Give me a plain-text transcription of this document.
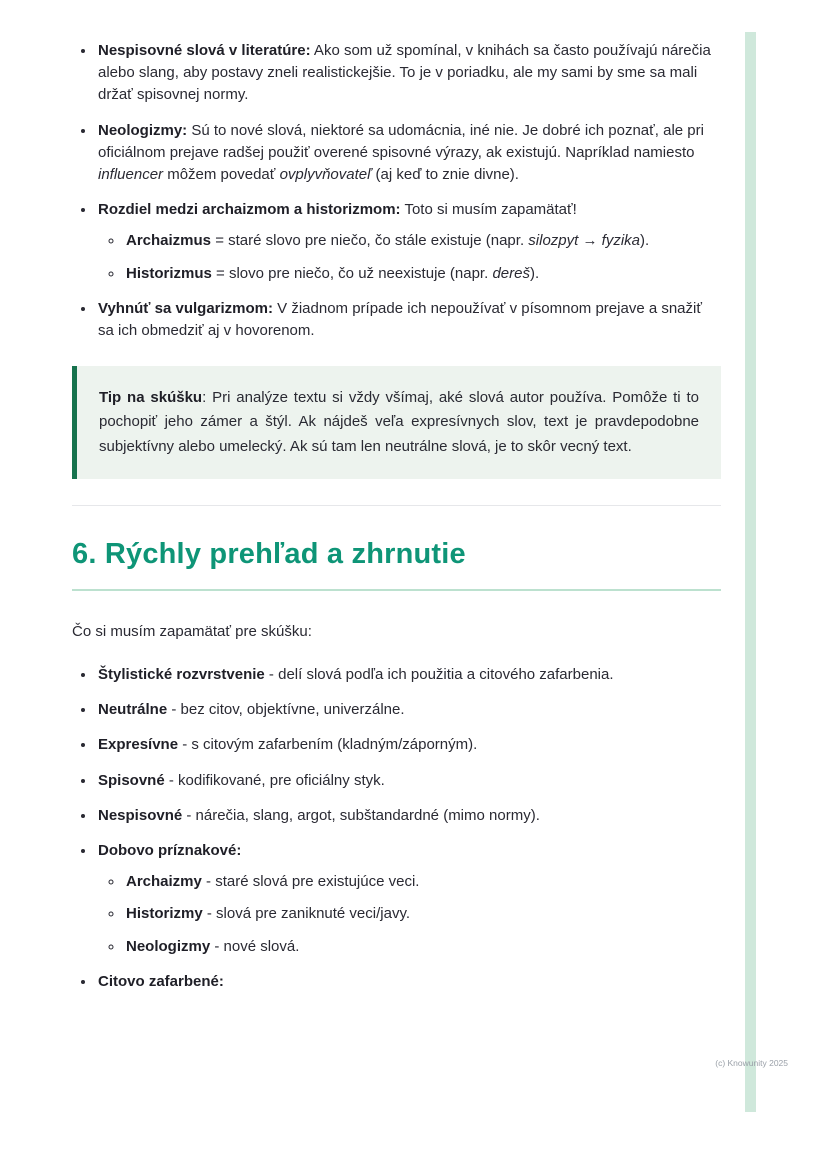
• Nespisovné slová v literatúre: Ako som už spomínal, v knihách sa často používajú nárečia alebo slang, aby postavy zneli realistickejšie. To je v poriadku, ale my sami by sme sa mali držať spisovnej normy.
• Neologizmy: Sú to nové slová, niektoré sa udomácnia, iné nie. Je dobré ich poznať, ale pri oficiálnom prejave radšej použiť overené spisovné výrazy, ak existujú. Napríklad namiesto influencer môžem povedať ovplyvňovateľ (aj keď to znie divne).
• Rozdiel medzi archaizmom a historizmom: Toto si musím zapamätať!
◦ Archaizmus = staré slovo pre niečo, čo stále existuje (napr. silozpyt → fyzika).
◦ Historizmus = slovo pre niečo, čo už neexistuje (napr. dereš).
• Vyhnúť sa vulgarizmom: V žiadnom prípade ich nepoužívať v písomnom prejave a snažiť sa ich obmedziť aj v hovorenom.
Tip na skúšku: Pri analýze textu si vždy všímaj, aké slová autor používa. Pomôže ti to pochopiť jeho zámer a štýl. Ak nájdeš veľa expresívnych slov, text je pravdepodobne subjektívny alebo umelecký. Ak sú tam len neutrálne slová, je to skôr vecný text.
6. Rýchly prehľad a zhrnutie

Čo si musím zapamätať pre skúšku:

• Štylistické rozvrstvenie - delí slová podľa ich použitia a citového zafarbenia.
• Neutrálne - bez citov, objektívne, univerzálne.
• Expresívne - s citovým zafarbením (kladným/záporným).
• Spisovné - kodifikované, pre oficiálny styk.
• Nespisovné - nárečia, slang, argot, subštandardné (mimo normy).
• Dobovo príznakové:
◦ Archaizmy - staré slová pre existujúce veci.
◦ Historizmy - slová pre zaniknuté veci/javy.
◦ Neologizmy - nové slová.
• Citovo zafarbené:
(c) Knowunity 2025
